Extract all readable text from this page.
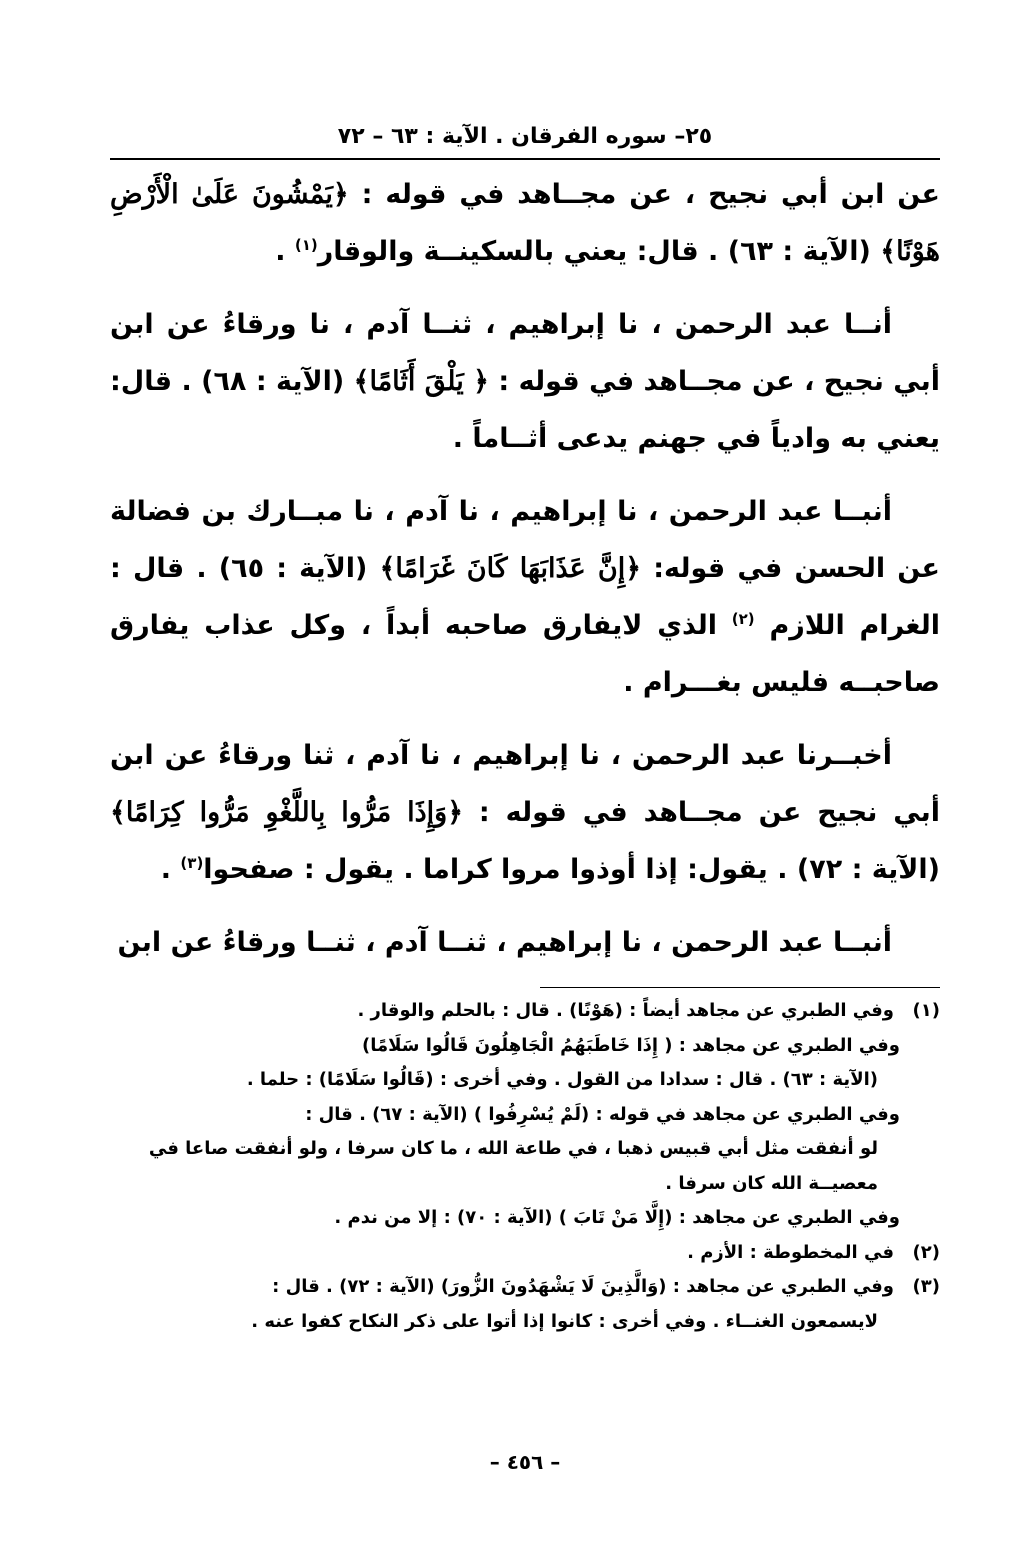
٢٥– سوره الفرقان . الآية : ٦٣ – ٧٢

عن ابن أبي نجيح ، عن مجــاهد في قوله : ﴿يَمْشُونَ عَلَىٰ الْأَرْضِ هَوْنًا﴾ (الآية : ٦٣) . قال: يعني بالسكينــة والوقار$^{(١)}$ .

أنــا عبد الرحمن ، نا إبراهيم ، ثنــا آدم ، نا ورقاءُ عن ابن أبي نجيح ، عن مجــاهد في قوله : ﴿ يَلْقَ أَثَامًا﴾ (الآية : ٦٨) . قال: يعني به وادياً في جهنم يدعى أثــاماً .

أنبــا عبد الرحمن ، نا إبراهيم ، نا آدم ، نا مبــارك بن فضالة عن الحسن في قوله: ﴿إِنَّ عَذَابَهَا كَانَ غَرَامًا﴾ (الآية : ٦٥) . قال : الغرام اللازم $^{(٢)}$ الذي لايفارق صاحبه أبداً ، وكل عذاب يفارق صاحبــه فليس بغـــرام .

أخبــرنا عبد الرحمن ، نا إبراهيم ، نا آدم ، ثنا ورقاءُ عن ابن أبي نجيح عن مجــاهد في قوله : ﴿وَإِذَا مَرُّوا بِاللَّغْوِ مَرُّوا كِرَامًا﴾ (الآية : ٧٢) . يقول: إذا أوذوا مروا كراما . يقول : صفحوا$^{(٣)}$ .

أنبــا عبد الرحمن ، نا إبراهيم ، ثنــا آدم ، ثنــا ورقاءُ عن ابن

(١)وفي الطبري عن مجاهد أيضاً : (هَوْنًا) . قال : بالحلم والوقار .
وفي الطبري عن مجاهد : ( إِذَا خَاطَبَهُمُ الْجَاهِلُونَ قَالُوا سَلَامًا)
(الآية : ٦٣) . قال : سدادا من القول . وفي أخرى : (قَالُوا سَلَامًا) : حلما .
وفي الطبري عن مجاهد في قوله : (لَمْ يُسْرِفُوا ) (الآية : ٦٧) . قال :
لو أنفقت مثل أبي قبيس ذهبا ، في طاعة الله ، ما كان سرفا ، ولو أنفقت صاعا في
معصيــة الله كان سرفا .
وفي الطبري عن مجاهد : (إِلَّا مَنْ تَابَ ) (الآية : ٧٠) : إلا من ندم .
(٢)في المخطوطة : الأزم .
(٣)وفي الطبري عن مجاهد : (وَالَّذِينَ لَا يَشْهَدُونَ الزُّورَ) (الآية : ٧٢) . قال :
لايسمعون الغنــاء . وفي أخرى : كانوا إذا أتوا على ذكر النكاح كفوا عنه .
– ٤٥٦ –
